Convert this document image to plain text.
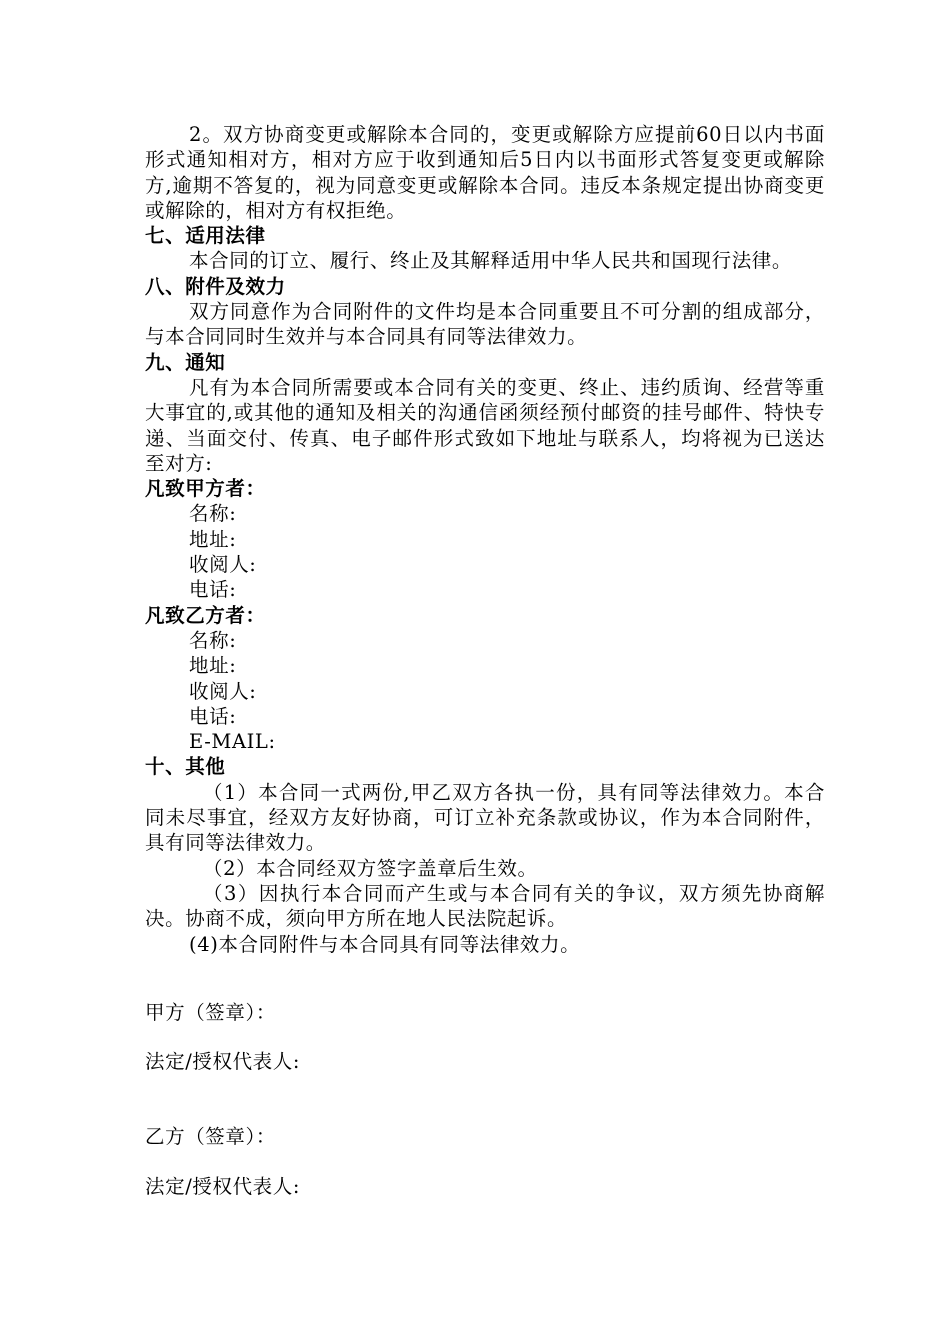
2。双方协商变更或解除本合同的，变更或解除方应提前60日以内书面形式通知相对方，相对方应于收到通知后5日内以书面形式答复变更或解除方,逾期不答复的，视为同意变更或解除本合同。违反本条规定提出协商变更或解除的，相对方有权拒绝。
七、适用法律
本合同的订立、履行、终止及其解释适用中华人民共和国现行法律。
八、附件及效力
双方同意作为合同附件的文件均是本合同重要且不可分割的组成部分，与本合同同时生效并与本合同具有同等法律效力。
九、通知
凡有为本合同所需要或本合同有关的变更、终止、违约质询、经营等重大事宜的,或其他的通知及相关的沟通信函须经预付邮资的挂号邮件、特快专递、当面交付、传真、电子邮件形式致如下地址与联系人，均将视为已送达至对方:
凡致甲方者：
名称:
地址:
收阅人:
电话:
凡致乙方者：
名称:
地址:
收阅人:
电话:
E-MAIL:
十、其他
（1）本合同一式两份,甲乙双方各执一份，具有同等法律效力。本合同未尽事宜，经双方友好协商，可订立补充条款或协议，作为本合同附件，具有同等法律效力。
（2）本合同经双方签字盖章后生效。
（3）因执行本合同而产生或与本合同有关的争议，双方须先协商解决。协商不成，须向甲方所在地人民法院起诉。
(4)本合同附件与本合同具有同等法律效力。
甲方（签章）：
法定/授权代表人:
乙方（签章）：
法定/授权代表人:
